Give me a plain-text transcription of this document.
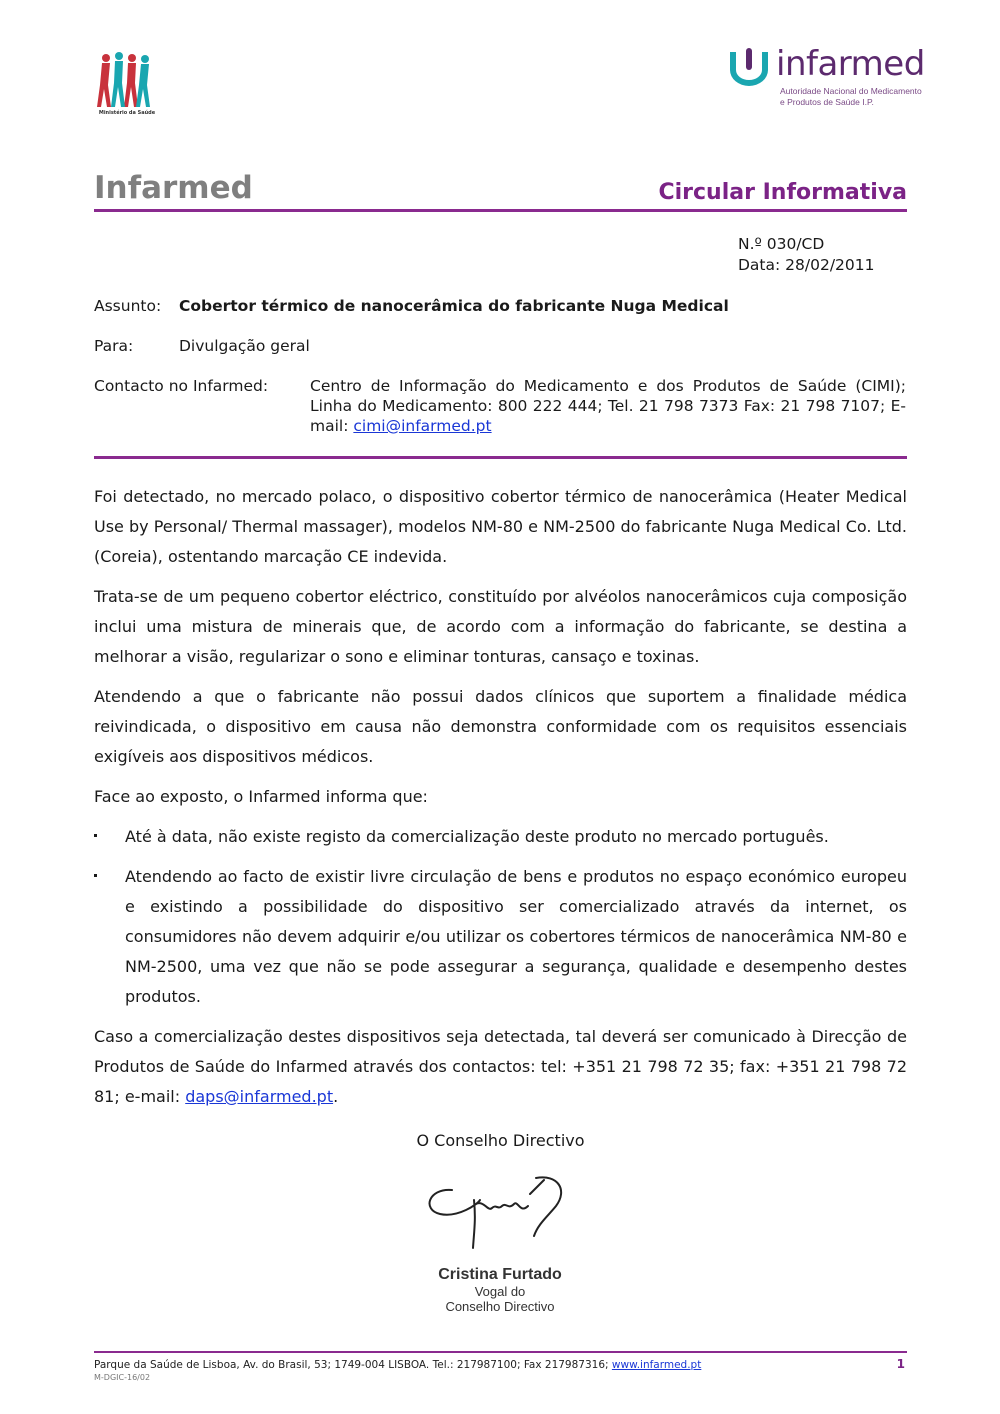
Ministério da Saúde
infarmed
Autoridade Nacional do Medicamento
e Produtos de Saúde I.P.
Infarmed	Circular Informativa
N.º 030/CD
Data: 28/02/2011
Assunto: Cobertor térmico de nanocerâmica do fabricante Nuga Medical
Para:	Divulgação geral
Contacto no Infarmed:	Centro de Informação do Medicamento e dos Produtos de Saúde (CIMI); Linha do Medicamento: 800 222 444; Tel. 21 798 7373 Fax: 21 798 7107; E-mail: cimi@infarmed.pt

Foi detectado, no mercado polaco, o dispositivo cobertor térmico de nanocerâmica (Heater Medical Use by Personal/ Thermal massager), modelos NM-80 e NM-2500 do fabricante Nuga Medical Co. Ltd. (Coreia), ostentando marcação CE indevida.

Trata-se de um pequeno cobertor eléctrico, constituído por alvéolos nanocerâmicos cuja composição inclui uma mistura de minerais que, de acordo com a informação do fabricante, se destina a melhorar a visão, regularizar o sono e eliminar tonturas, cansaço e toxinas.

Atendendo a que o fabricante não possui dados clínicos que suportem a finalidade médica reivindicada, o dispositivo em causa não demonstra conformidade com os requisitos essenciais exigíveis aos dispositivos médicos.

Face ao exposto, o Infarmed informa que:

Até à data, não existe registo da comercialização deste produto no mercado português.
Atendendo ao facto de existir livre circulação de bens e produtos no espaço económico europeu e existindo a possibilidade do dispositivo ser comercializado através da internet, os consumidores não devem adquirir e/ou utilizar os cobertores térmicos de nanocerâmica NM-80 e NM-2500, uma vez que não se pode assegurar a segurança, qualidade e desempenho destes produtos.

Caso a comercialização destes dispositivos seja detectada, tal deverá ser comunicado à Direcção de Produtos de Saúde do Infarmed através dos contactos: tel: +351 21 798 72 35; fax: +351 21 798 72 81; e-mail: daps@infarmed.pt.

O Conselho Directivo
Cristina Furtado
Vogal do
Conselho Directivo
Parque da Saúde de Lisboa, Av. do Brasil, 53; 1749-004 LISBOA. Tel.: 217987100; Fax 217987316; www.infarmed.pt
M-DGIC-16/02
1
